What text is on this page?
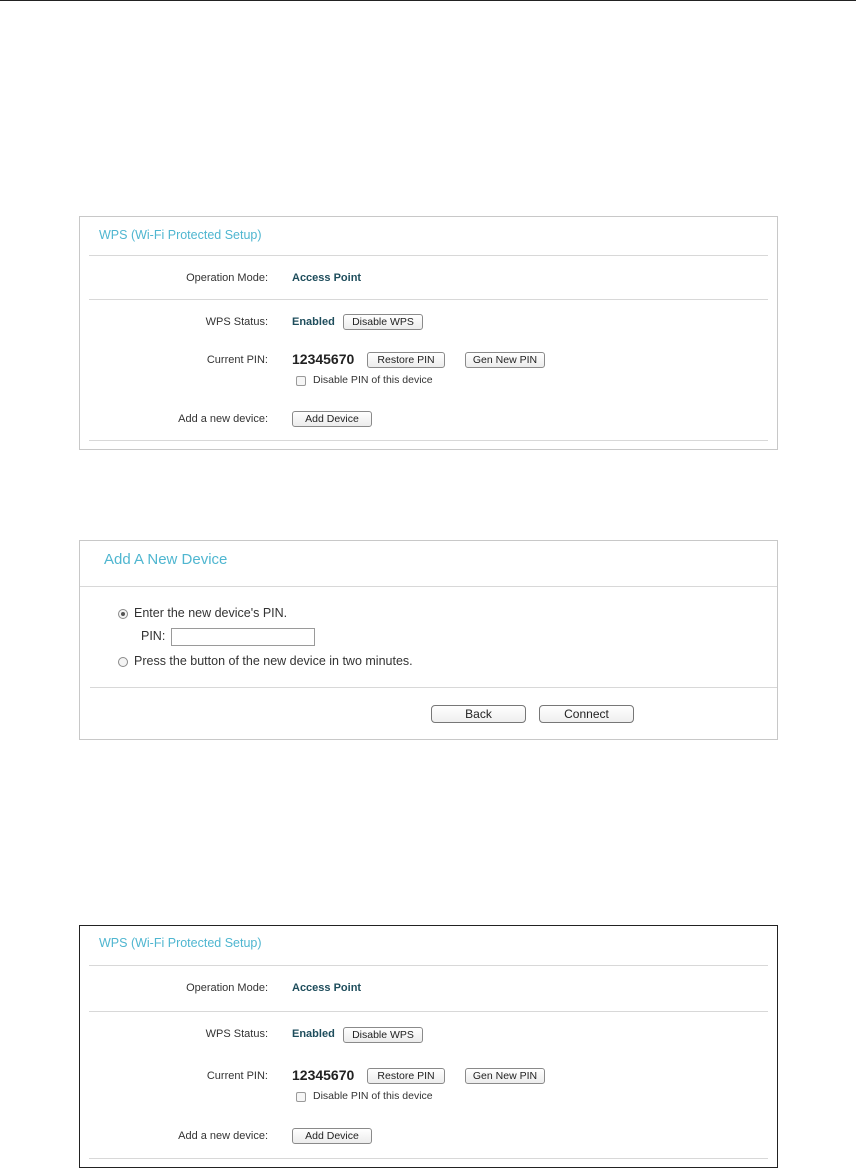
WPS (Wi-Fi Protected Setup)
Operation Mode: Access Point
WPS Status: Enabled	Disable WPS
Current PIN: 12345670	Restore PIN	Gen New PIN
Disable PIN of this device
Add a new device:	Add Device
Add A New Device
Enter the new device's PIN.
PIN:
Press the button of the new device in two minutes.
Back	Connect
WPS (Wi-Fi Protected Setup)
Operation Mode: Access Point
WPS Status: Enabled	Disable WPS
Current PIN: 12345670	Restore PIN	Gen New PIN
Disable PIN of this device
Add a new device:	Add Device
